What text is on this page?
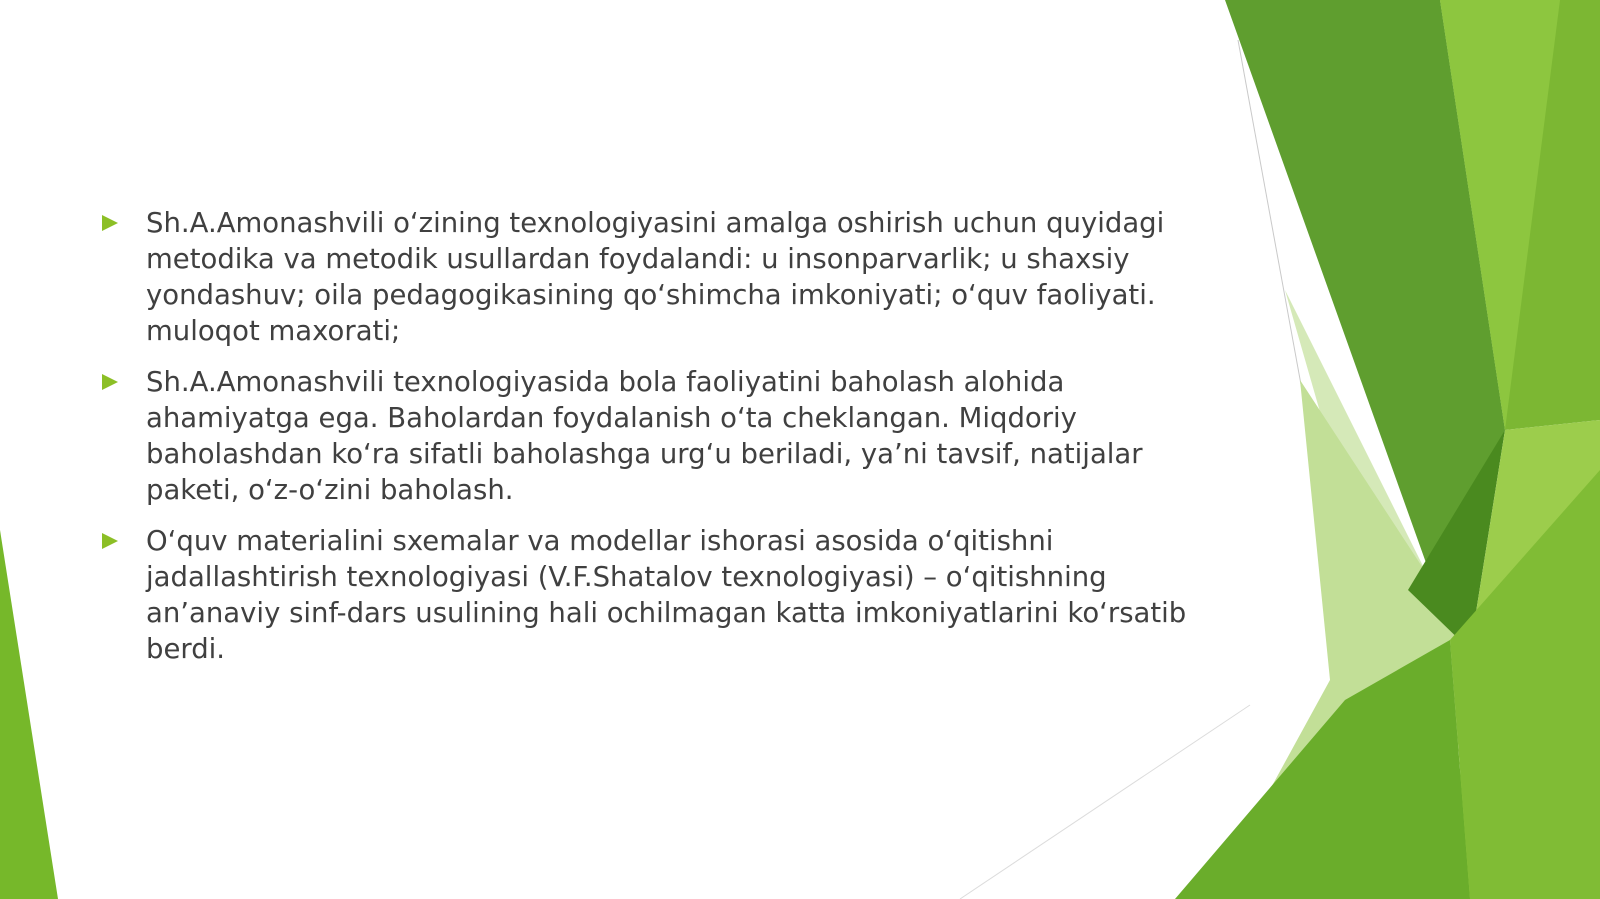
Sh.A.Amonashvili o‘zining texnologiyasini amalga oshirish uchun quyidagi metodika va metodik usullardan foydalandi: u insonparvarlik; u shaxsiy yondashuv; oila pedagogikasining qo‘shimcha imkoniyati; o‘quv faoliyati. muloqot maxorati;
Sh.A.Amonashvili texnologiyasida bola faoliyatini baholash alohida ahamiyatga ega. Baholardan foydalanish o‘ta cheklangan. Miqdoriy baholashdan ko‘ra sifatli baholashga urg‘u beriladi, ya’ni tavsif, natijalar paketi, o‘z-o‘zini baholash.
O‘quv materialini sxemalar va modellar ishorasi asosida o‘qitishni jadallashtirish texnologiyasi (V.F.Shatalov texnologiyasi) – o‘qitishning an’anaviy sinf-dars usulining hali ochilmagan katta imkoniyatlarini ko‘rsatib berdi.
